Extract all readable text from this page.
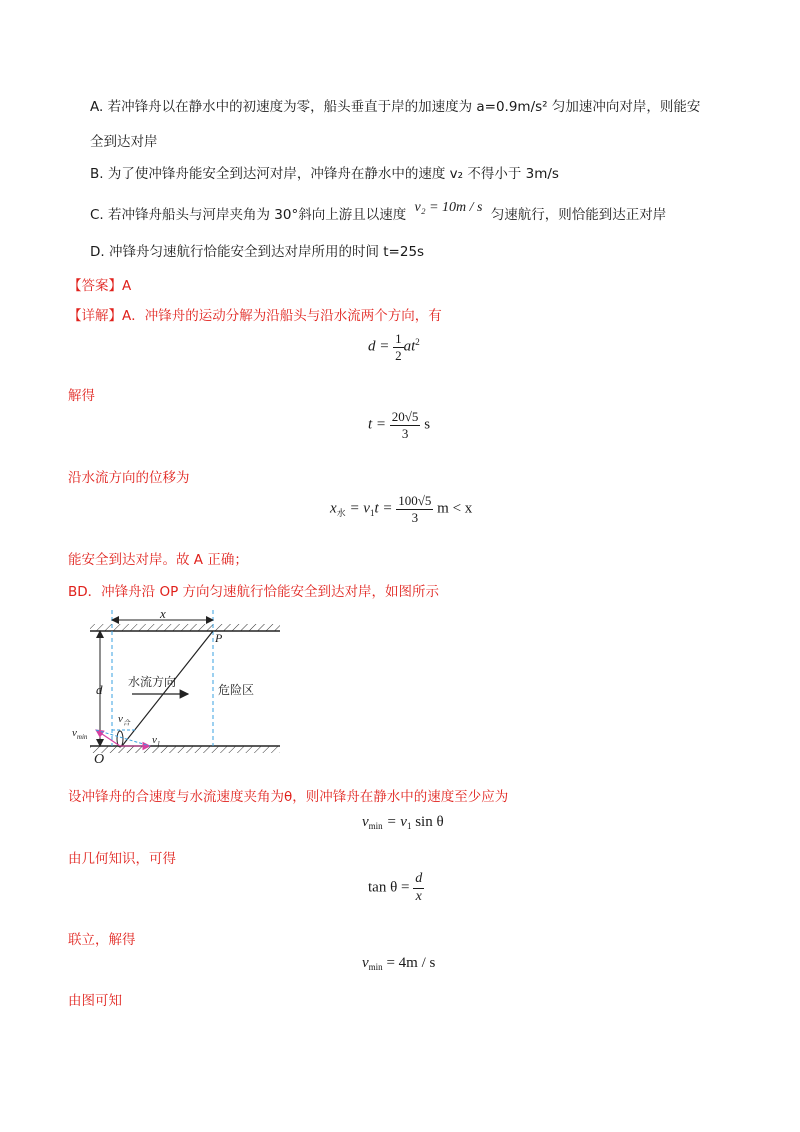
A. 若冲锋舟以在静水中的初速度为零，船头垂直于岸的加速度为 a=0.9m/s² 匀加速冲向对岸，则能安
全到达对岸
B. 为了使冲锋舟能安全到达河对岸，冲锋舟在静水中的速度 v₂ 不得小于 3m/s
C. 若冲锋舟船头与河岸夹角为 30°斜向上游且以速度 v₂ = 10m / s 匀速航行，则恰能到达正对岸
D. 冲锋舟匀速航行恰能安全到达对岸所用的时间 t=25s
【答案】A
【详解】A．冲锋舟的运动分解为沿船头与沿水流两个方向，有
$d = \frac{1}{2} at^2$
解得
$t = \frac{20√5}{3}$ s
沿水流方向的位移为
$x_水 = v_1t = \frac{100√5}{3}$ m < x
能安全到达对岸。故 A 正确；
BD．冲锋舟沿 OP 方向匀速航行恰能安全到达对岸，如图所示
x
d
P
O
水流方向
危险区
$v_{min}$
$v_合$
$v_1$
设冲锋舟的合速度与水流速度夹角为θ，则冲锋舟在静水中的速度至少应为
$v_{min} = v_1$ sin θ
由几何知识，可得
$\tan \theta = \frac{d}{x}$
联立，解得
$v_{min} = 4m / s$
由图可知
